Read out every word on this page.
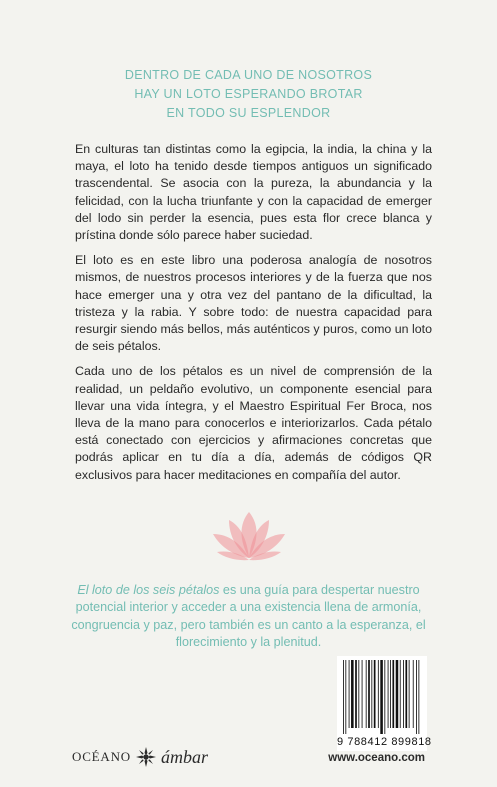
DENTRO DE CADA UNO DE NOSOTROS
HAY UN LOTO ESPERANDO BROTAR
EN TODO SU ESPLENDOR

En culturas tan distintas como la egipcia, la india, la china y la maya, el loto ha tenido desde tiempos antiguos un significado trascendental. Se asocia con la pureza, la abundancia y la felicidad, con la lucha triunfante y con la capacidad de emerger del lodo sin perder la esencia, pues esta flor crece blanca y prístina donde sólo parece haber suciedad.

El loto es en este libro una poderosa analogía de nosotros mismos, de nuestros procesos interiores y de la fuerza que nos hace emerger una y otra vez del pantano de la dificultad, la tristeza y la rabia. Y sobre todo: de nuestra capacidad para resurgir siendo más bellos, más auténticos y puros, como un loto de seis pétalos.

Cada uno de los pétalos es un nivel de comprensión de la realidad, un peldaño evolutivo, un componente esencial para llevar una vida íntegra, y el Maestro Espiritual Fer Broca, nos lleva de la mano para conocerlos e interiorizarlos. Cada pétalo está conectado con ejercicios y afirmaciones concretas que podrás aplicar en tu día a día, además de códigos QR exclusivos para hacer meditaciones en compañía del autor.

El loto de los seis pétalos es una guía para despertar nuestro potencial interior y acceder a una existencia llena de armonía, congruencia y paz, pero también es un canto a la esperanza, el florecimiento y la plenitud.
9 788412 899818
OCÉANO ámbar	www.oceano.com
